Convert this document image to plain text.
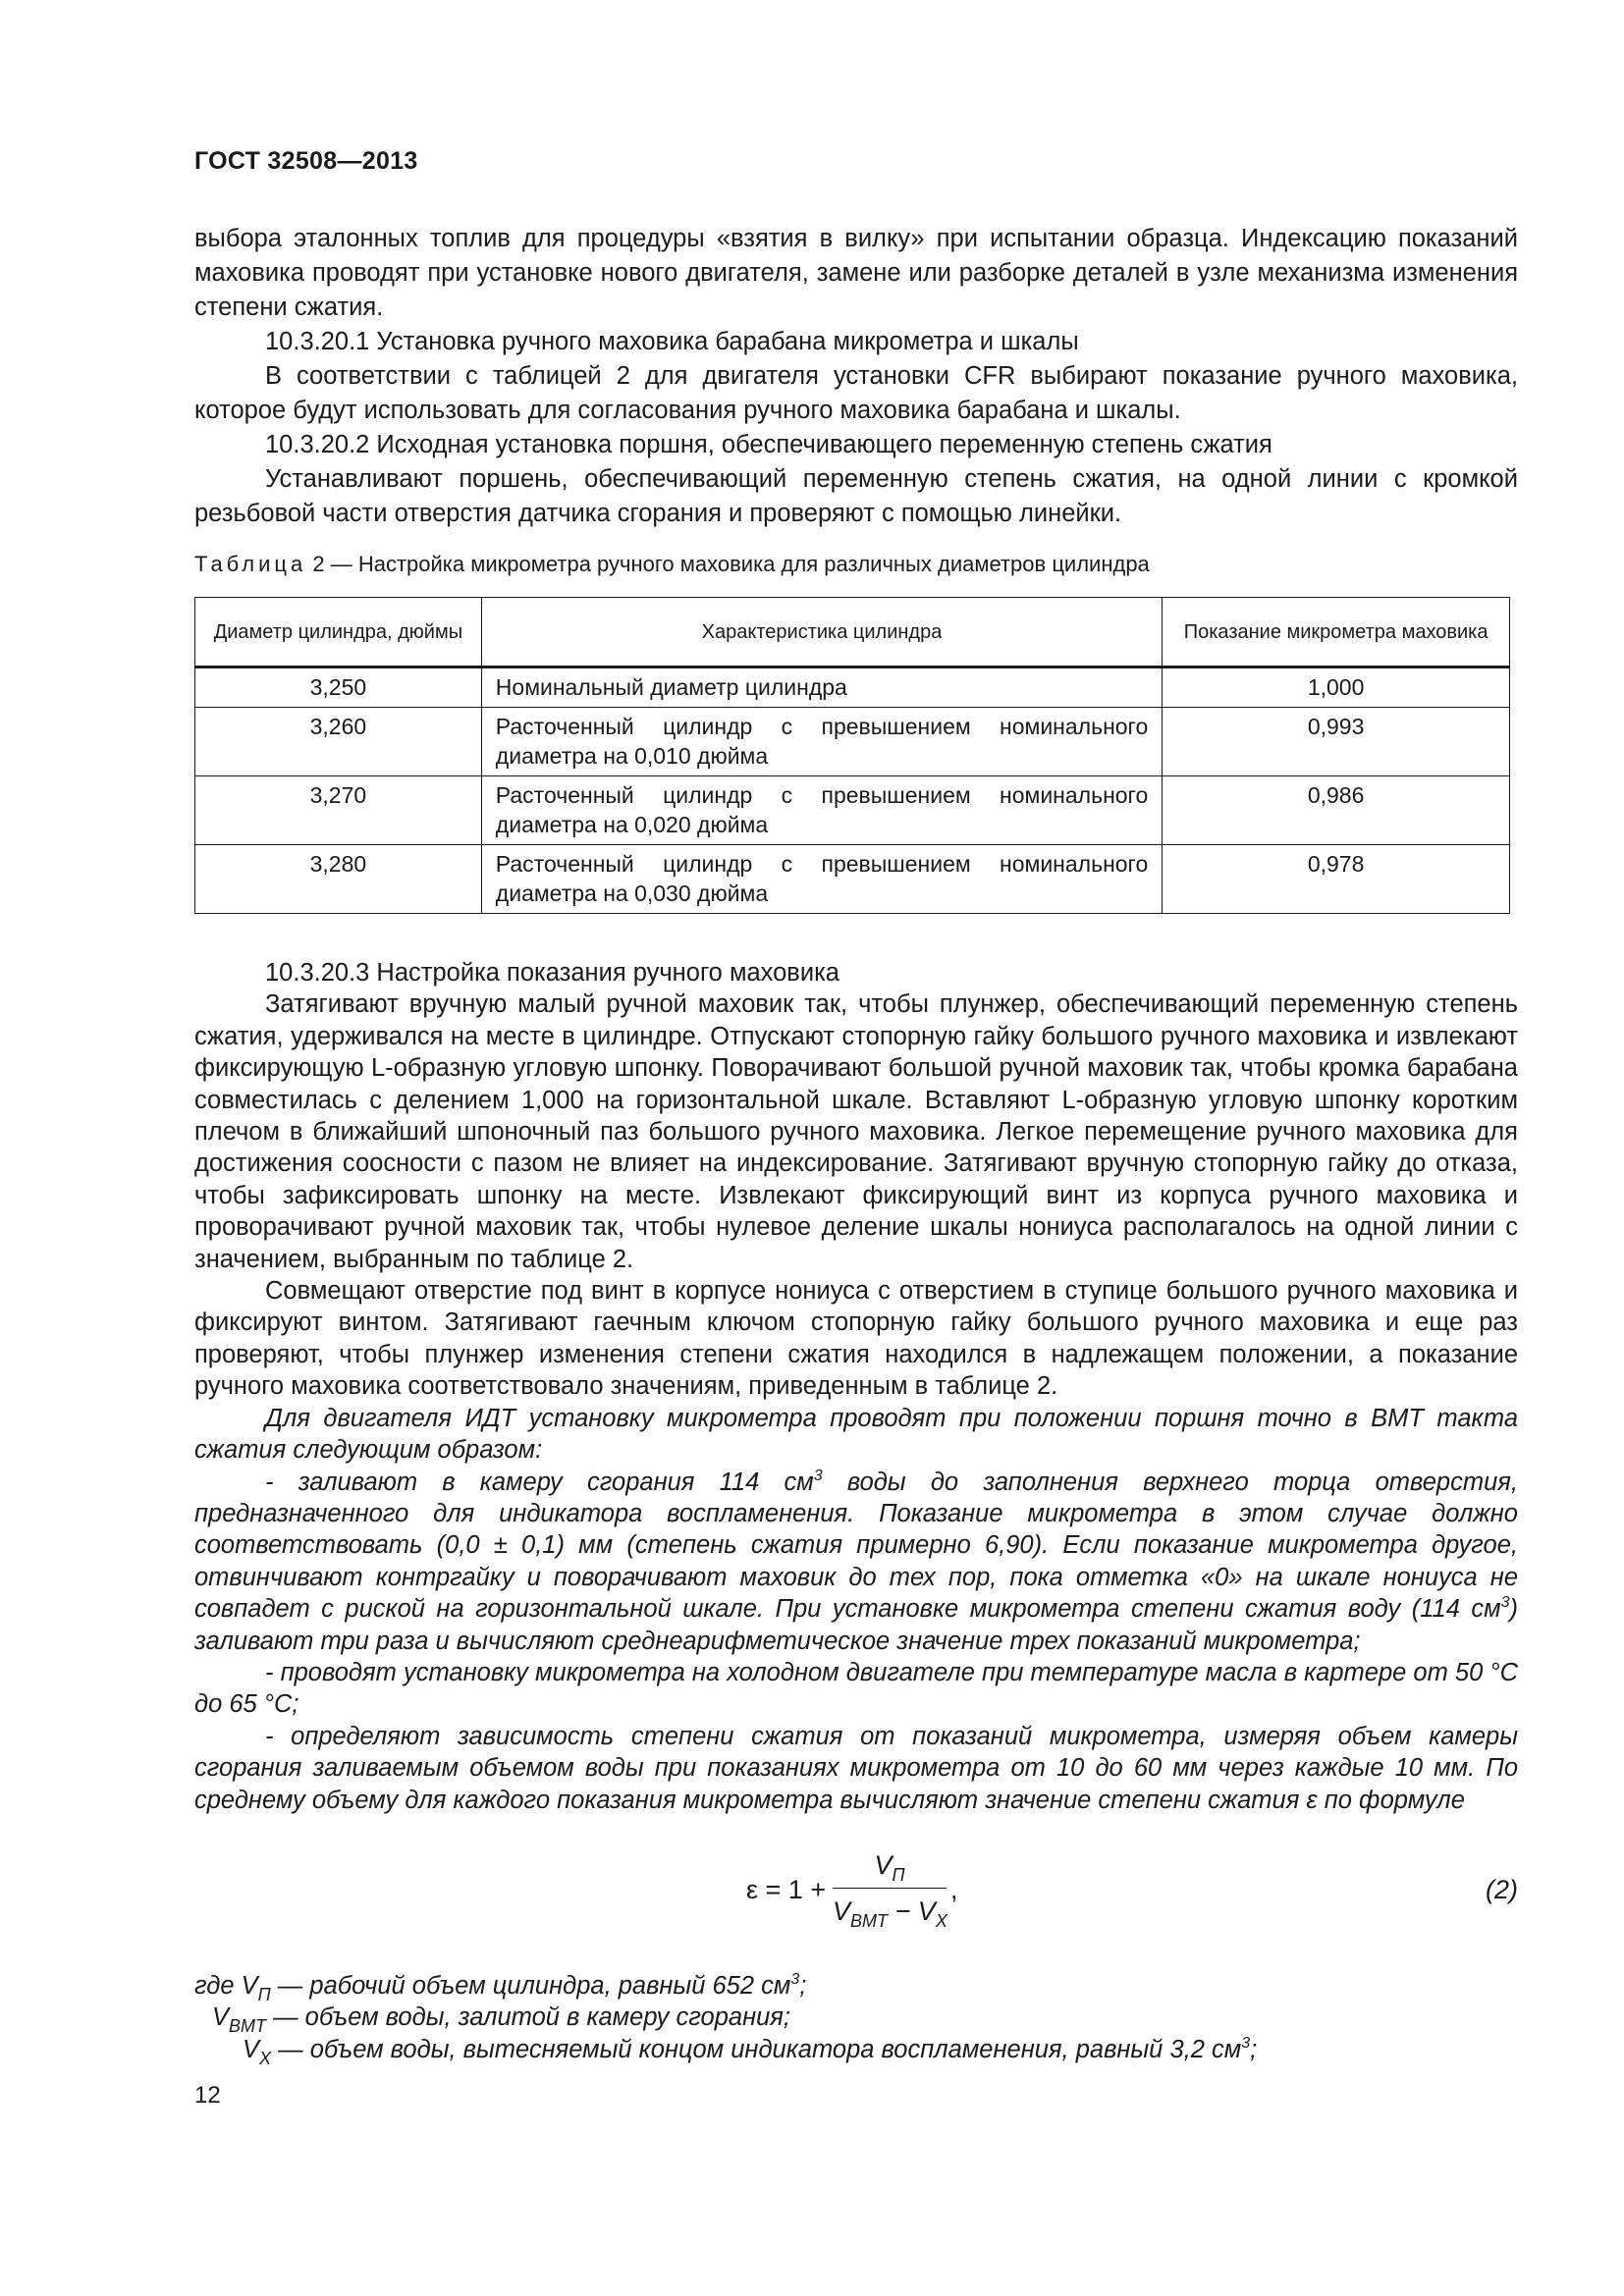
ГОСТ 32508—2013

выбора эталонных топлив для процедуры «взятия в вилку» при испытании образца. Индексацию показаний маховика проводят при установке нового двигателя, замене или разборке деталей в узле механизма изменения степени сжатия.

10.3.20.1 Установка ручного маховика барабана микрометра и шкалы

В соответствии с таблицей 2 для двигателя установки CFR выбирают показание ручного маховика, которое будут использовать для согласования ручного маховика барабана и шкалы.

10.3.20.2 Исходная установка поршня, обеспечивающего переменную степень сжатия

Устанавливают поршень, обеспечивающий переменную степень сжатия, на одной линии с кромкой резьбовой части отверстия датчика сгорания и проверяют с помощью линейки.

Таблица 2 — Настройка микрометра ручного маховика для различных диаметров цилиндра
Диаметр цилиндра, дюймы	Характеристика цилиндра	Показание микрометра маховика
3,250	Номинальный диаметр цилиндра	1,000
3,260	Расточенный цилиндр с превышением номинального диаметра на 0,010 дюйма	0,993
3,270	Расточенный цилиндр с превышением номинального диаметра на 0,020 дюйма	0,986
3,280	Расточенный цилиндр с превышением номинального диаметра на 0,030 дюйма	0,978

10.3.20.3 Настройка показания ручного маховика

Затягивают вручную малый ручной маховик так, чтобы плунжер, обеспечивающий переменную степень сжатия, удерживался на месте в цилиндре. Отпускают стопорную гайку большого ручного маховика и извлекают фиксирующую L-образную угловую шпонку. Поворачивают большой ручной маховик так, чтобы кромка барабана совместилась с делением 1,000 на горизонтальной шкале. Вставляют L-образную угловую шпонку коротким плечом в ближайший шпоночный паз большого ручного маховика. Легкое перемещение ручного маховика для достижения соосности с пазом не влияет на индексирование. Затягивают вручную стопорную гайку до отказа, чтобы зафиксировать шпонку на месте. Извлекают фиксирующий винт из корпуса ручного маховика и проворачивают ручной маховик так, чтобы нулевое деление шкалы нониуса располагалось на одной линии с значением, выбранным по таблице 2.

Совмещают отверстие под винт в корпусе нониуса с отверстием в ступице большого ручного маховика и фиксируют винтом. Затягивают гаечным ключом стопорную гайку большого ручного маховика и еще раз проверяют, чтобы плунжер изменения степени сжатия находился в надлежащем положении, а показание ручного маховика соответствовало значениям, приведенным в таблице 2.

Для двигателя ИДТ установку микрометра проводят при положении поршня точно в ВМТ такта сжатия следующим образом:

- заливают в камеру сгорания 114 $см^3$ воды до заполнения верхнего торца отверстия, предназначенного для индикатора воспламенения. Показание микрометра в этом случае должно соответствовать (0,0 ± 0,1) мм (степень сжатия примерно 6,90). Если показание микрометра другое, отвинчивают контргайку и поворачивают маховик до тех пор, пока отметка «0» на шкале нониуса не совпадет с риской на горизонтальной шкале. При установке микрометра степени сжатия воду (114 $см^3$) заливают три раза и вычисляют среднеарифметическое значение трех показаний микрометра;

- проводят установку микрометра на холодном двигателе при температуре масла в картере от 50 °С до 65 °С;

- определяют зависимость степени сжатия от показаний микрометра, измеряя объем камеры сгорания заливаемым объемом воды при показаниях микрометра от 10 до 60 мм через каждые 10 мм. По среднему объему для каждого показания микрометра вычисляют значение степени сжатия ε по формуле

ε = 1 +
$V_П$
$V_{ВМТ} - V_X$
,	(2)

где $V_П$ — рабочий объем цилиндра, равный 652 $см^3$;

$V_{ВМТ}$ — объем воды, залитой в камеру сгорания;

$V_X$ — объем воды, вытесняемый концом индикатора воспламенения, равный 3,2 $см^3$;

12
